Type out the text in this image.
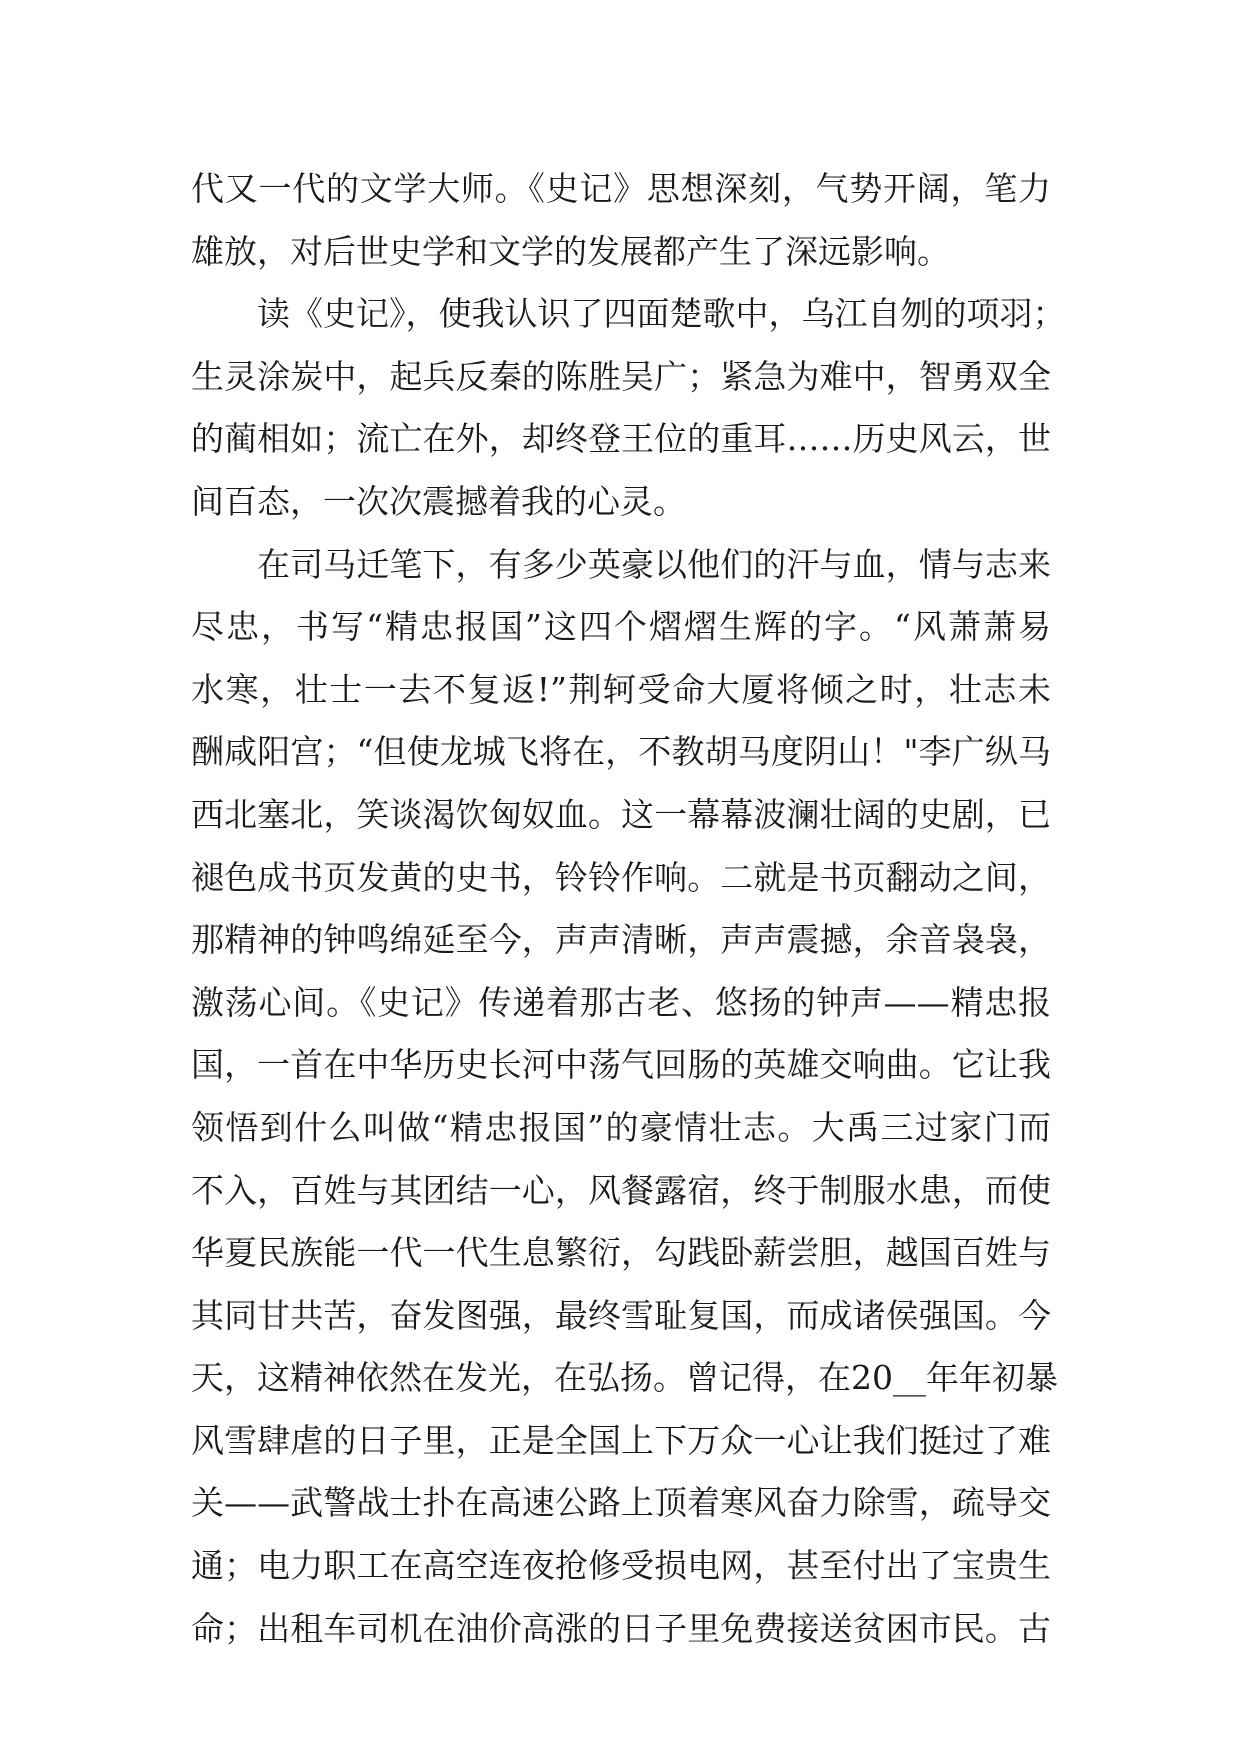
代又一代的文学大师。《史记》思想深刻，气势开阔，笔力
雄放，对后世史学和文学的发展都产生了深远影响。
读《史记》，使我认识了四面楚歌中，乌江自刎的项羽；
生灵涂炭中，起兵反秦的陈胜吴广；紧急为难中，智勇双全
的蔺相如；流亡在外，却终登王位的重耳……历史风云，世
间百态，一次次震撼着我的心灵。
在司马迁笔下，有多少英豪以他们的汗与血，情与志来
尽忠，书写“精忠报国”这四个熠熠生辉的字。“风萧萧易
水寒，壮士一去不复返!”荆轲受命大厦将倾之时，壮志未
酬咸阳宫；“但使龙城飞将在，不教胡马度阴山！"李广纵马
西北塞北，笑谈渴饮匈奴血。这一幕幕波澜壮阔的史剧，已
褪色成书页发黄的史书，铃铃作响。二就是书页翻动之间，
那精神的钟鸣绵延至今，声声清晰，声声震撼，余音袅袅，
激荡心间。《史记》传递着那古老、悠扬的钟声——精忠报
国，一首在中华历史长河中荡气回肠的英雄交响曲。它让我
领悟到什么叫做“精忠报国”的豪情壮志。大禹三过家门而
不入，百姓与其团结一心，风餐露宿，终于制服水患，而使
华夏民族能一代一代生息繁衍，勾践卧薪尝胆，越国百姓与
其同甘共苦，奋发图强，最终雪耻复国，而成诸侯强国。今
天，这精神依然在发光，在弘扬。曾记得，在20__年年初暴
风雪肆虐的日子里，正是全国上下万众一心让我们挺过了难
关——武警战士扑在高速公路上顶着寒风奋力除雪，疏导交
通；电力职工在高空连夜抢修受损电网，甚至付出了宝贵生
命；出租车司机在油价高涨的日子里免费接送贫困市民。古
